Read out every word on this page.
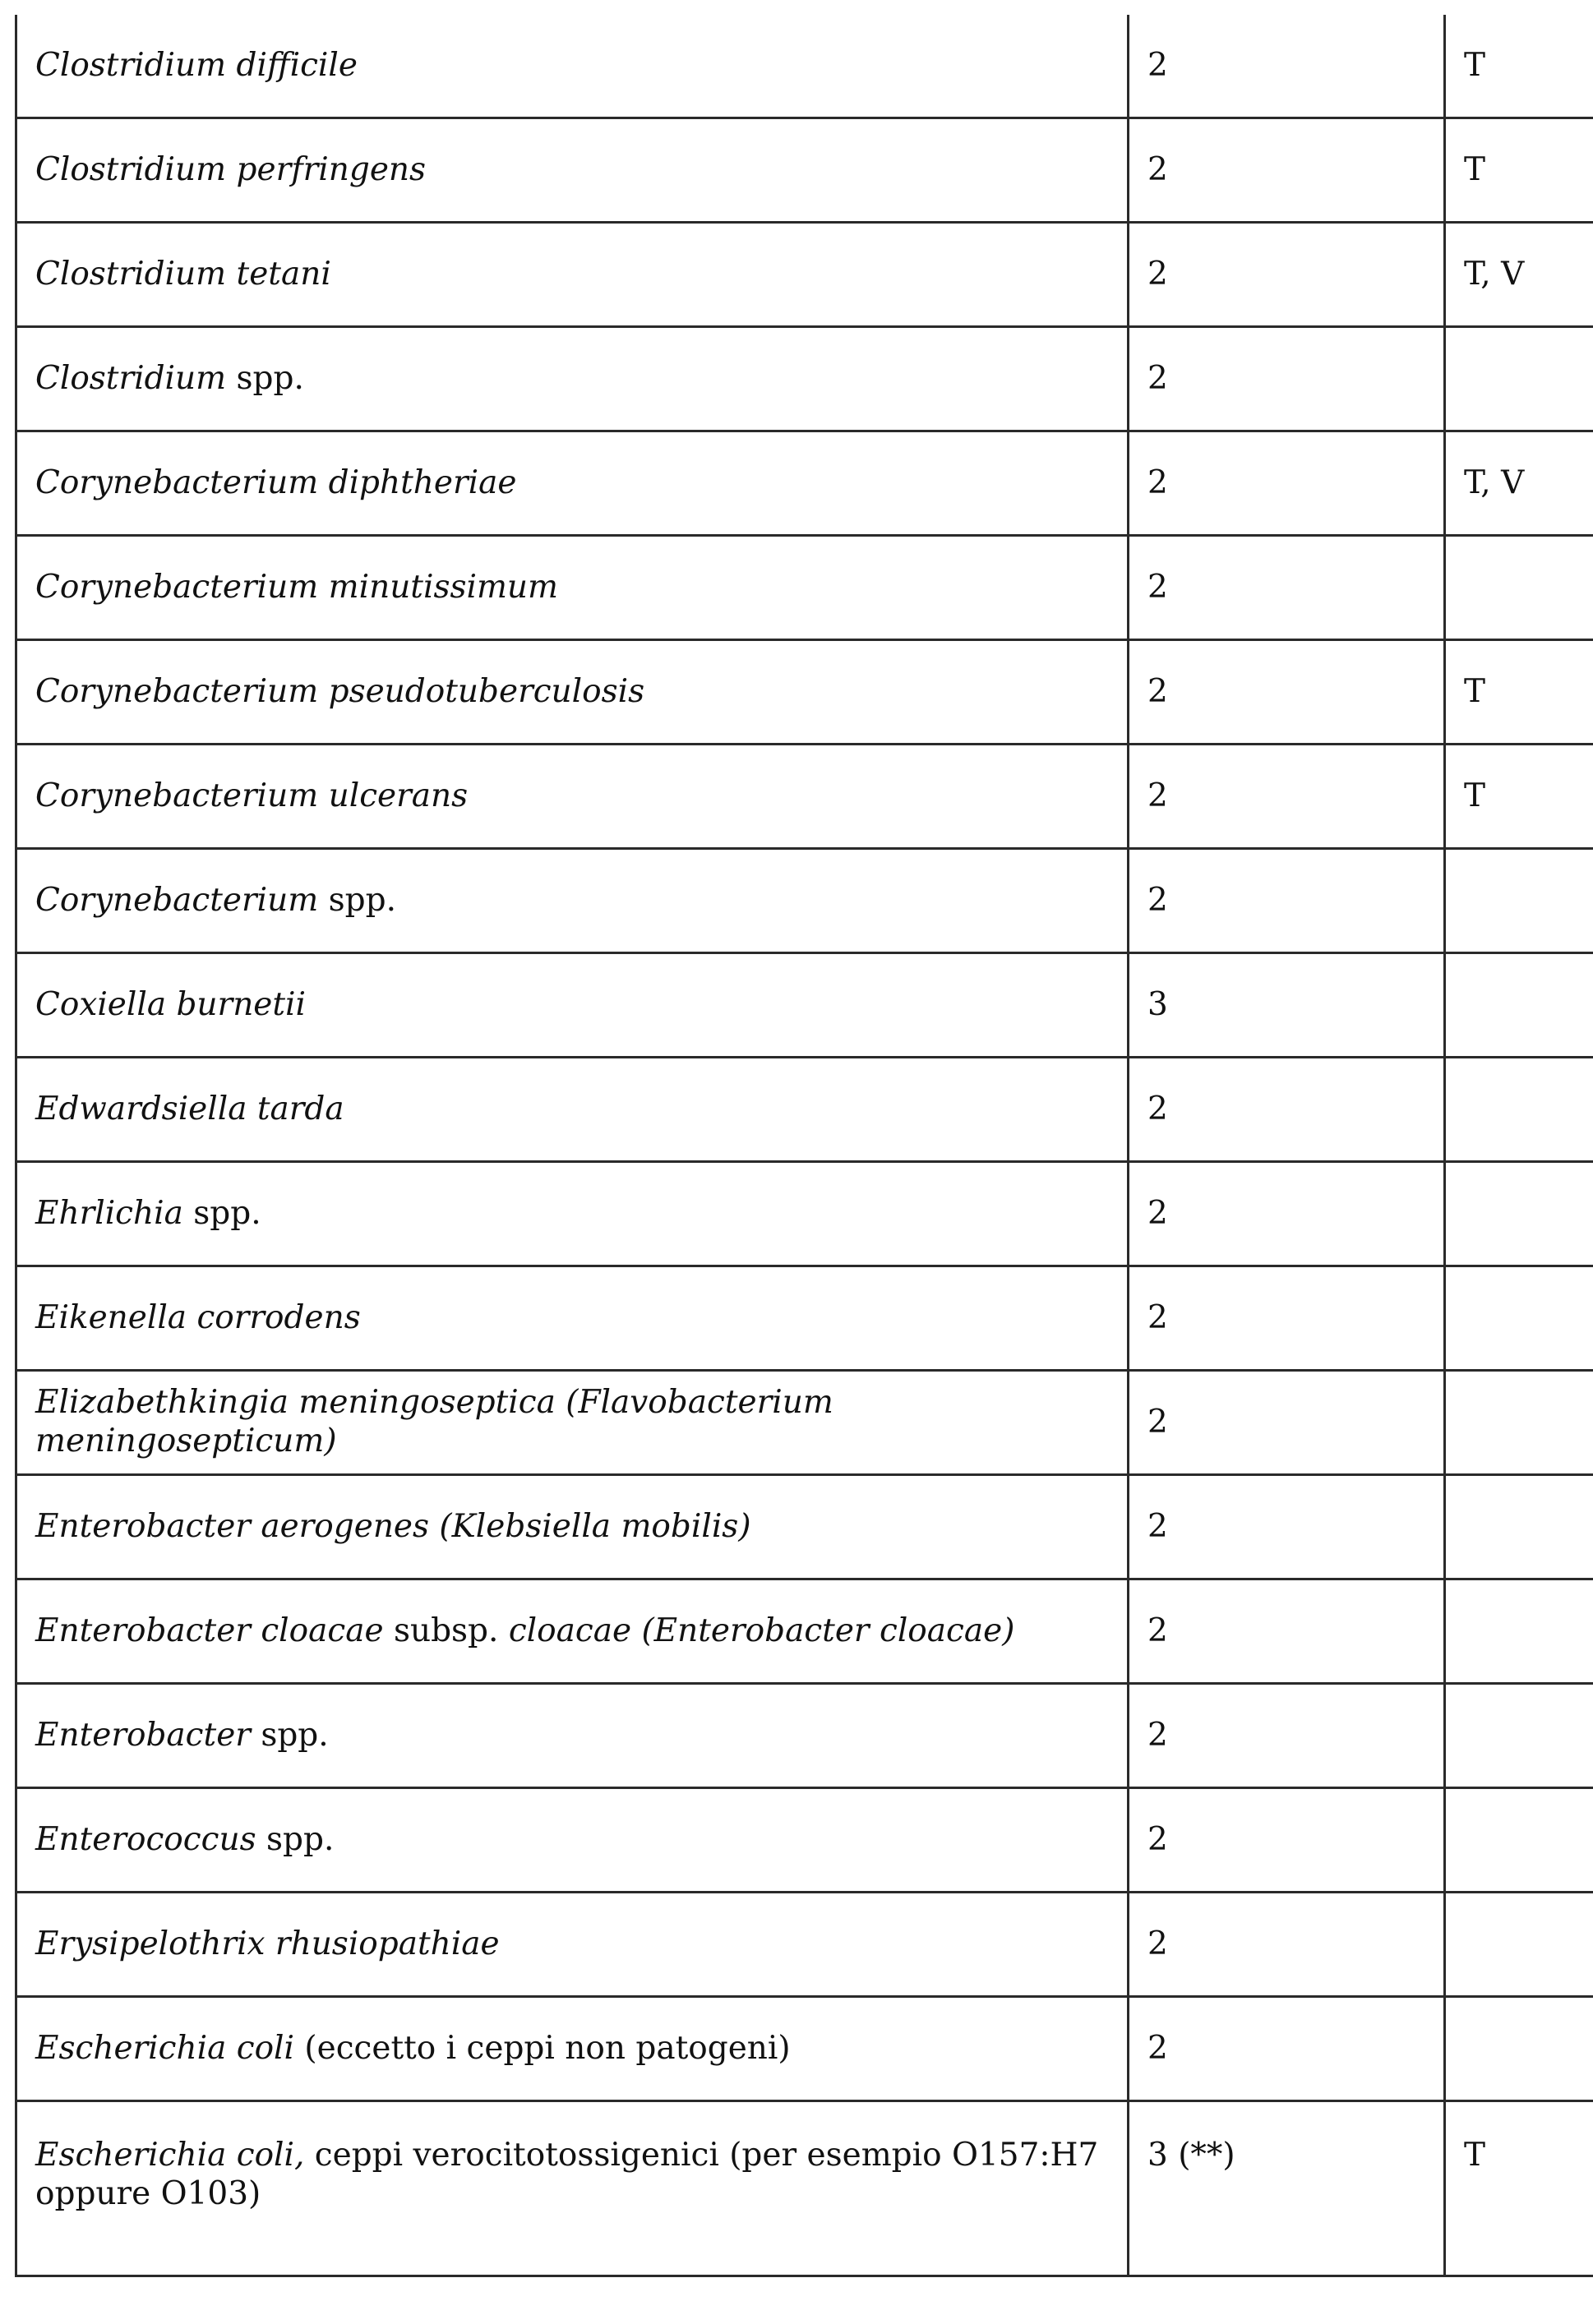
Clostridium difficile	2	T
Clostridium perfringens	2	T
Clostridium tetani	2	T, V
Clostridium spp.	2	
Corynebacterium diphtheriae	2	T, V
Corynebacterium minutissimum	2	
Corynebacterium pseudotuberculosis	2	T
Corynebacterium ulcerans	2	T
Corynebacterium spp.	2	
Coxiella burnetii	3	
Edwardsiella tarda	2	
Ehrlichia spp.	2	
Eikenella corrodens	2	
Elizabethkingia meningoseptica (Flavobacterium meningosepticum)	2	
Enterobacter aerogenes (Klebsiella mobilis)	2	
Enterobacter cloacae subsp. cloacae (Enterobacter cloacae)	2	
Enterobacter spp.	2	
Enterococcus spp.	2	
Erysipelothrix rhusiopathiae	2	
Escherichia coli (eccetto i ceppi non patogeni)	2	
Escherichia coli, ceppi verocitotossigenici (per esempio O157:H7 oppure O103)	3 (**)	T
